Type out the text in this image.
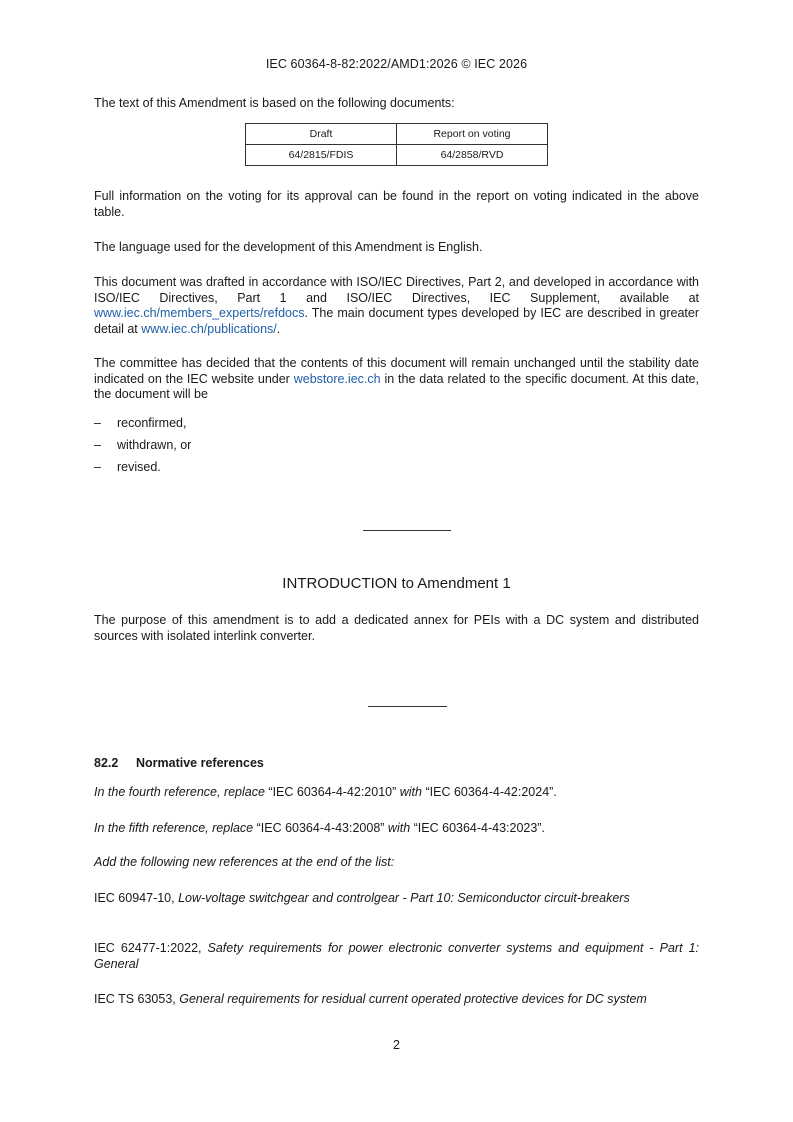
IEC 60364-8-82:2022/AMD1:2026 © IEC 2026
The text of this Amendment is based on the following documents:
Draft	Report on voting
64/2815/FDIS	64/2858/RVD
Full information on the voting for its approval can be found in the report on voting indicated in the above table.
The language used for the development of this Amendment is English.
This document was drafted in accordance with ISO/IEC Directives, Part 2, and developed in accordance with ISO/IEC Directives, Part 1 and ISO/IEC Directives, IEC Supplement, available at www.iec.ch/members_experts/refdocs. The main document types developed by IEC are described in greater detail at www.iec.ch/publications/.
The committee has decided that the contents of this document will remain unchanged until the stability date indicated on the IEC website under webstore.iec.ch in the data related to the specific document. At this date, the document will be
– reconfirmed,
– withdrawn, or
– revised.
INTRODUCTION to Amendment 1
The purpose of this amendment is to add a dedicated annex for PEIs with a DC system and distributed sources with isolated interlink converter.
82.2 Normative references
In the fourth reference, replace “IEC 60364-4-42:2010” with “IEC 60364-4-42:2024”.
In the fifth reference, replace “IEC 60364-4-43:2008” with “IEC 60364-4-43:2023”.
Add the following new references at the end of the list:
IEC 60947-10, Low-voltage switchgear and controlgear - Part 10: Semiconductor circuit-breakers
IEC 62477-1:2022, Safety requirements for power electronic converter systems and equipment - Part 1: General
IEC TS 63053, General requirements for residual current operated protective devices for DC system
2
